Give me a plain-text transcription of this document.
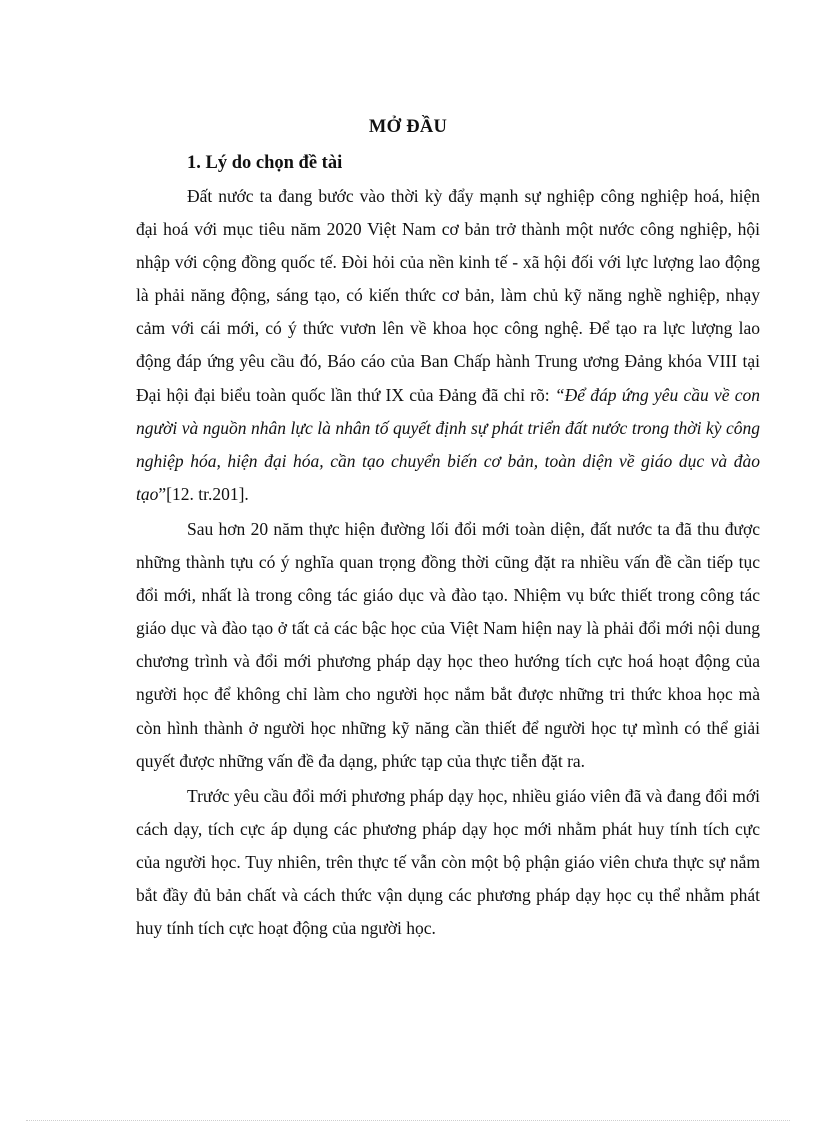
MỞ ĐẦU
1. Lý do chọn đề tài

Đất nước ta đang bước vào thời kỳ đẩy mạnh sự nghiệp công nghiệp hoá, hiện đại hoá với mục tiêu năm 2020 Việt Nam cơ bản trở thành một nước công nghiệp, hội nhập với cộng đồng quốc tế. Đòi hỏi của nền kinh tế - xã hội đối với lực lượng lao động là phải năng động, sáng tạo, có kiến thức cơ bản, làm chủ kỹ năng nghề nghiệp, nhạy cảm với cái mới, có ý thức vươn lên về khoa học công nghệ. Để tạo ra lực lượng lao động đáp ứng yêu cầu đó, Báo cáo của Ban Chấp hành Trung ương Đảng khóa VIII tại Đại hội đại biểu toàn quốc lần thứ IX của Đảng đã chỉ rõ: “Để đáp ứng yêu cầu về con người và nguồn nhân lực là nhân tố quyết định sự phát triển đất nước trong thời kỳ công nghiệp hóa, hiện đại hóa, cần tạo chuyển biến cơ bản, toàn diện về giáo dục và đào tạo”[12. tr.201].

Sau hơn 20 năm thực hiện đường lối đổi mới toàn diện, đất nước ta đã thu được những thành tựu có ý nghĩa quan trọng đồng thời cũng đặt ra nhiều vấn đề cần tiếp tục đổi mới, nhất là trong công tác giáo dục và đào tạo. Nhiệm vụ bức thiết trong công tác giáo dục và đào tạo ở tất cả các bậc học của Việt Nam hiện nay là phải đổi mới nội dung chương trình và đổi mới phương pháp dạy học theo hướng tích cực hoá hoạt động của người học để không chỉ làm cho người học nắm bắt được những tri thức khoa học mà còn hình thành ở người học những kỹ năng cần thiết để người học tự mình có thể giải quyết được những vấn đề đa dạng, phức tạp của thực tiễn đặt ra.

Trước yêu cầu đổi mới phương pháp dạy học, nhiều giáo viên đã và đang đổi mới cách dạy, tích cực áp dụng các phương pháp dạy học mới nhằm phát huy tính tích cực của người học. Tuy nhiên, trên thực tế vẫn còn một bộ phận giáo viên chưa thực sự nắm bắt đầy đủ bản chất và cách thức vận dụng các phương pháp dạy học cụ thể nhằm phát huy tính tích cực hoạt động của người học.
